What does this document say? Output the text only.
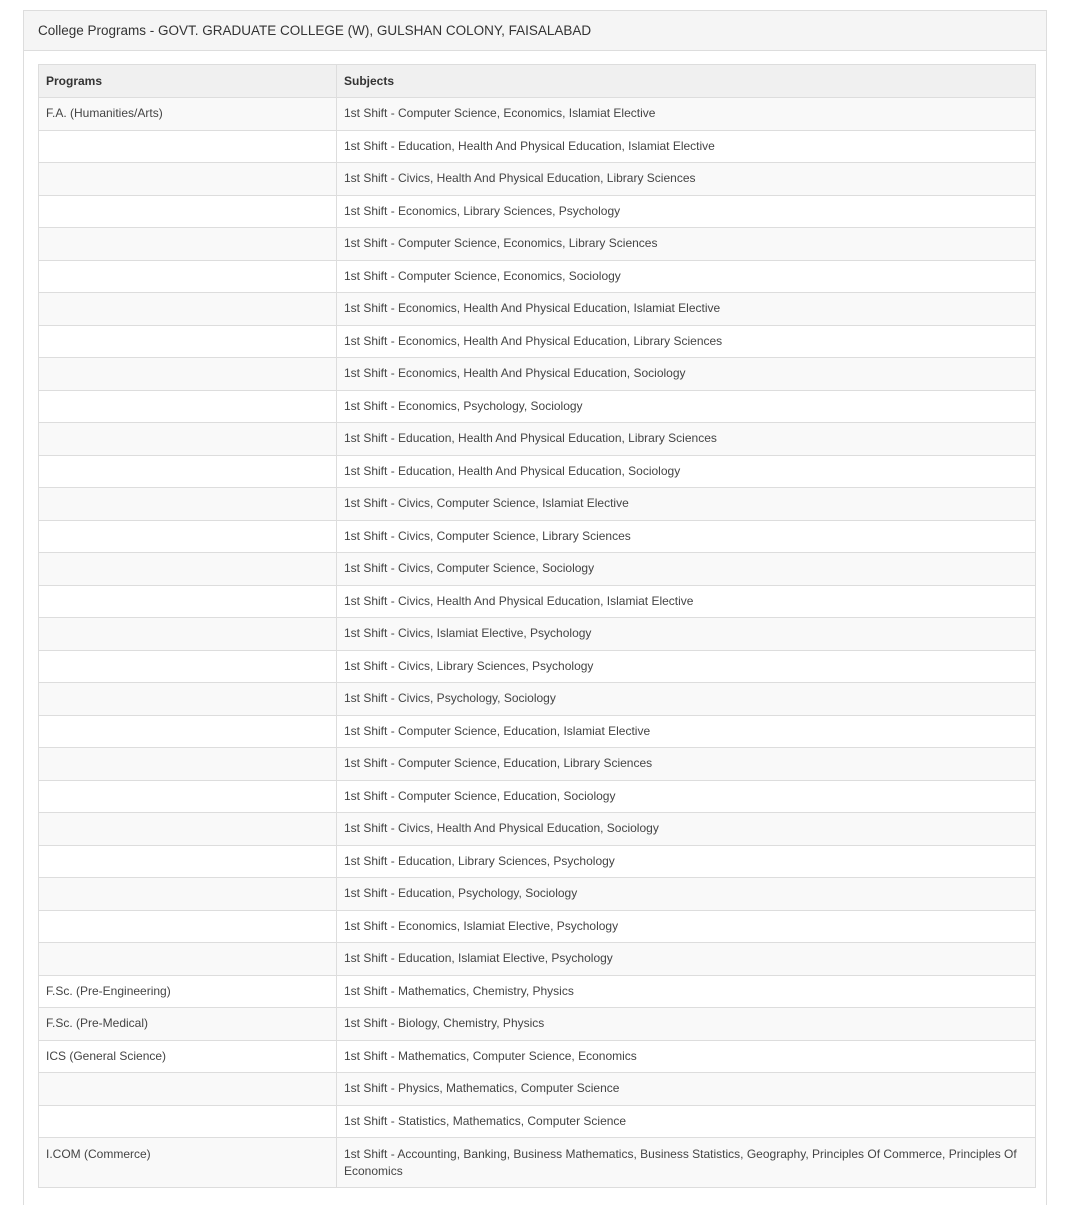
College Programs - GOVT. GRADUATE COLLEGE (W), GULSHAN COLONY, FAISALABAD
Programs	Subjects
F.A. (Humanities/Arts)	1st Shift - Computer Science, Economics, Islamiat Elective
	1st Shift - Education, Health And Physical Education, Islamiat Elective
	1st Shift - Civics, Health And Physical Education, Library Sciences
	1st Shift - Economics, Library Sciences, Psychology
	1st Shift - Computer Science, Economics, Library Sciences
	1st Shift - Computer Science, Economics, Sociology
	1st Shift - Economics, Health And Physical Education, Islamiat Elective
	1st Shift - Economics, Health And Physical Education, Library Sciences
	1st Shift - Economics, Health And Physical Education, Sociology
	1st Shift - Economics, Psychology, Sociology
	1st Shift - Education, Health And Physical Education, Library Sciences
	1st Shift - Education, Health And Physical Education, Sociology
	1st Shift - Civics, Computer Science, Islamiat Elective
	1st Shift - Civics, Computer Science, Library Sciences
	1st Shift - Civics, Computer Science, Sociology
	1st Shift - Civics, Health And Physical Education, Islamiat Elective
	1st Shift - Civics, Islamiat Elective, Psychology
	1st Shift - Civics, Library Sciences, Psychology
	1st Shift - Civics, Psychology, Sociology
	1st Shift - Computer Science, Education, Islamiat Elective
	1st Shift - Computer Science, Education, Library Sciences
	1st Shift - Computer Science, Education, Sociology
	1st Shift - Civics, Health And Physical Education, Sociology
	1st Shift - Education, Library Sciences, Psychology
	1st Shift - Education, Psychology, Sociology
	1st Shift - Economics, Islamiat Elective, Psychology
	1st Shift - Education, Islamiat Elective, Psychology
F.Sc. (Pre-Engineering)	1st Shift - Mathematics, Chemistry, Physics
F.Sc. (Pre-Medical)	1st Shift - Biology, Chemistry, Physics
ICS (General Science)	1st Shift - Mathematics, Computer Science, Economics
	1st Shift - Physics, Mathematics, Computer Science
	1st Shift - Statistics, Mathematics, Computer Science
I.COM (Commerce)	1st Shift - Accounting, Banking, Business Mathematics, Business Statistics, Geography, Principles Of Commerce, Principles Of Economics
